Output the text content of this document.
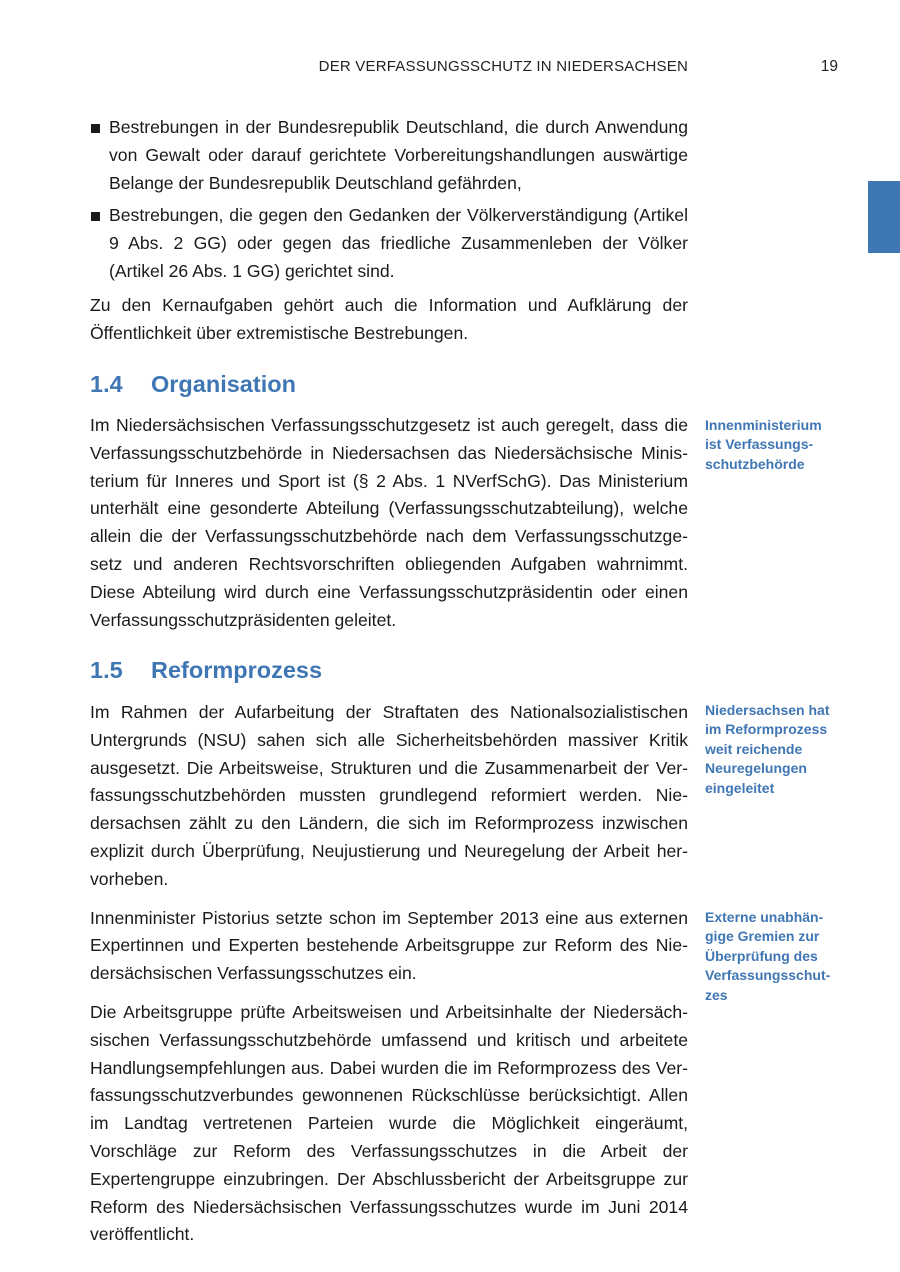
DER VERFASSUNGSSCHUTZ IN NIEDERSACHSEN	19

Bestrebungen in der Bundesrepublik Deutschland, die durch Anwendung von Gewalt oder darauf gerichtete Vorbereitungshandlungen auswärtige Belange der Bundesrepublik Deutschland gefährden,

Bestrebungen, die gegen den Gedanken der Völkerverständigung (Artikel 9 Abs. 2 GG) oder gegen das friedliche Zusammenleben der Völker (Artikel 26 Abs. 1 GG) gerichtet sind.

Zu den Kernaufgaben gehört auch die Information und Aufklärung der Öffentlichkeit über extremistische Bestrebungen.

1.4 Organisation

Im Niedersächsischen Verfassungsschutzgesetz ist auch geregelt, dass die Verfassungsschutzbehörde in Niedersachsen das Niedersächsische Ministerium für Inneres und Sport ist (§ 2 Abs. 1 NVerfSchG). Das Ministerium unterhält eine gesonderte Abteilung (Verfassungsschutzabteilung), welche allein die der Verfassungsschutzbehörde nach dem Verfassungsschutzgesetz und anderen Rechtsvorschriften obliegenden Aufgaben wahrnimmt. Diese Abteilung wird durch eine Verfassungsschutzpräsidentin oder einen Verfassungsschutzpräsidenten geleitet.

Innenministerium ist Verfassungsschutzbehörde
1.5 Reformprozess

Im Rahmen der Aufarbeitung der Straftaten des Nationalsozialistischen Untergrunds (NSU) sahen sich alle Sicherheitsbehörden massiver Kritik ausgesetzt. Die Arbeitsweise, Strukturen und die Zusammenarbeit der Verfassungsschutzbehörden mussten grundlegend reformiert werden. Niedersachsen zählt zu den Ländern, die sich im Reformprozess inzwischen explizit durch Überprüfung, Neujustierung und Neuregelung der Arbeit hervorheben.

Innenminister Pistorius setzte schon im September 2013 eine aus externen Expertinnen und Experten bestehende Arbeitsgruppe zur Reform des Niedersächsischen Verfassungsschutzes ein.

Die Arbeitsgruppe prüfte Arbeitsweisen und Arbeitsinhalte der Niedersächsischen Verfassungsschutzbehörde umfassend und kritisch und arbeitete Handlungsempfehlungen aus. Dabei wurden die im Reformprozess des Verfassungsschutzverbundes gewonnenen Rückschlüsse berücksichtigt. Allen im Landtag vertretenen Parteien wurde die Möglichkeit eingeräumt, Vorschläge zur Reform des Verfassungsschutzes in die Arbeit der Expertengruppe einzubringen. Der Abschlussbericht der Arbeitsgruppe zur Reform des Niedersächsischen Verfassungsschutzes wurde im Juni 2014 veröffentlicht.

Niedersachsen hat im Reformprozess weit reichende Neuregelungen eingeleitet
Externe unabhängige Gremien zur Überprüfung des Verfassungsschutzes
